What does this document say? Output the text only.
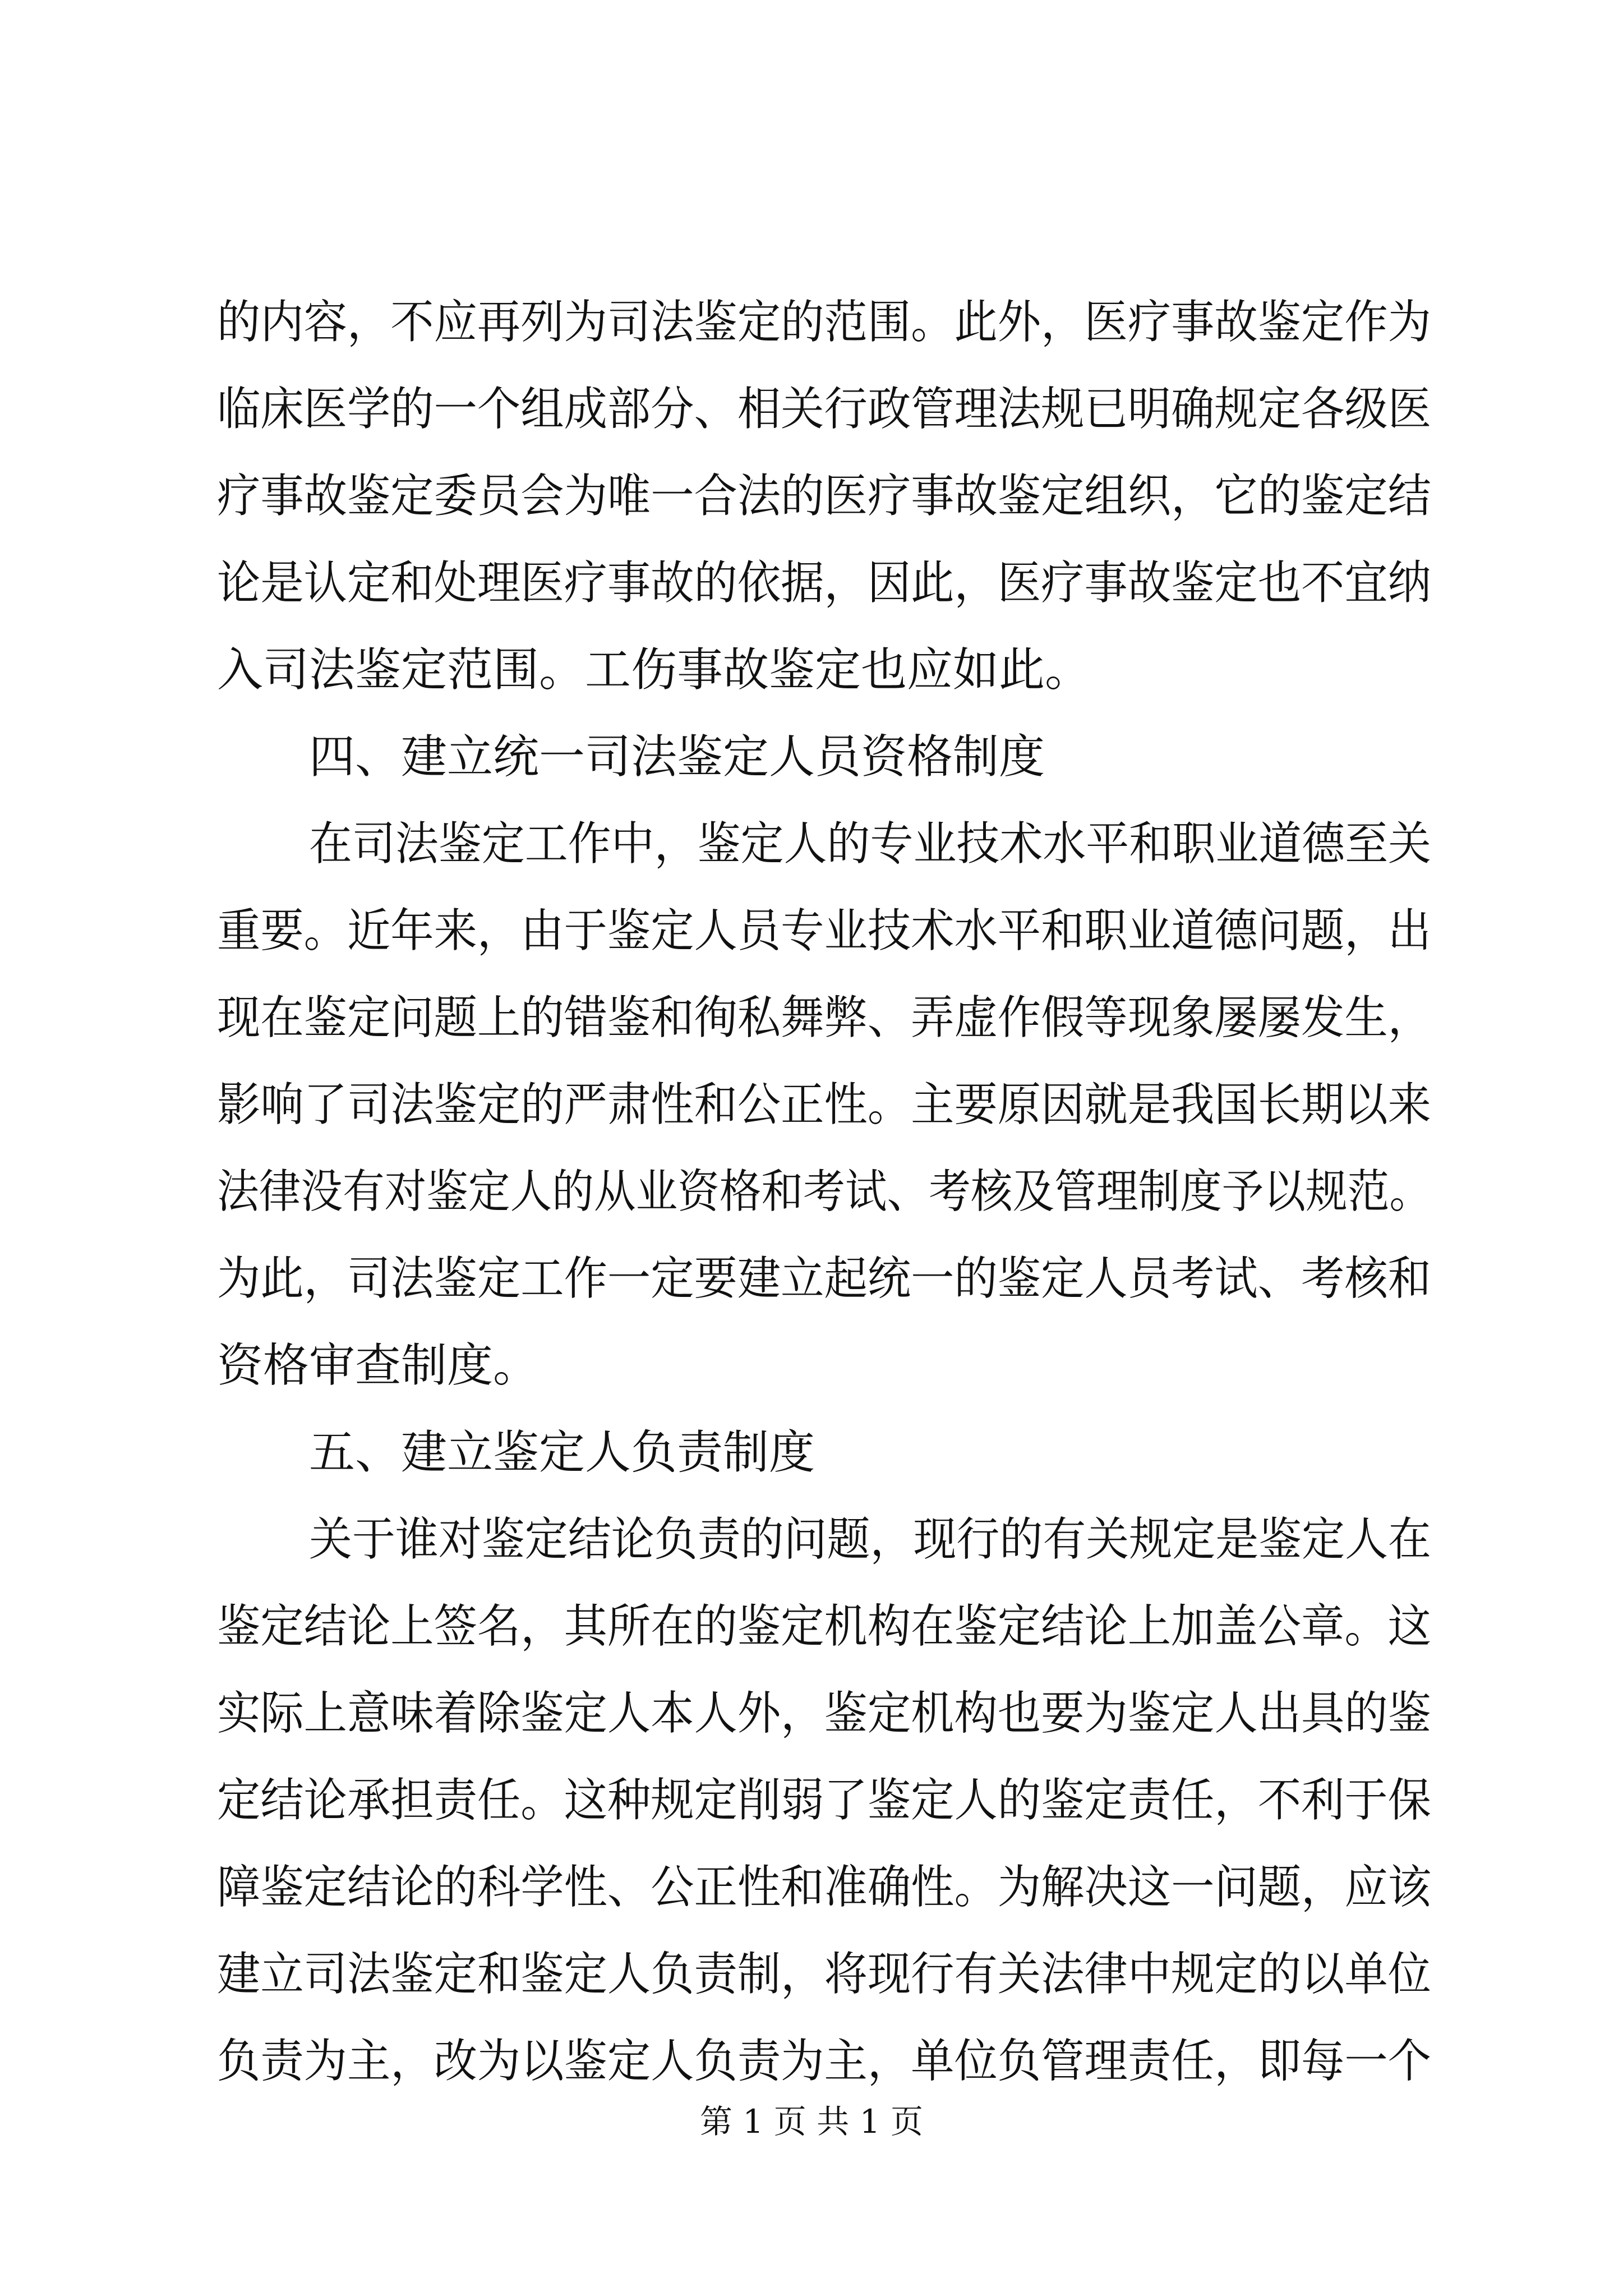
的内容，不应再列为司法鉴定的范围。此外，医疗事故鉴定作为
临床医学的一个组成部分、相关行政管理法规已明确规定各级医
疗事故鉴定委员会为唯一合法的医疗事故鉴定组织，它的鉴定结
论是认定和处理医疗事故的依据，因此，医疗事故鉴定也不宜纳
入司法鉴定范围。工伤事故鉴定也应如此。
四、建立统一司法鉴定人员资格制度
在司法鉴定工作中，鉴定人的专业技术水平和职业道德至关
重要。近年来，由于鉴定人员专业技术水平和职业道德问题，出
现在鉴定问题上的错鉴和徇私舞弊、弄虚作假等现象屡屡发生，
影响了司法鉴定的严肃性和公正性。主要原因就是我国长期以来
法律没有对鉴定人的从业资格和考试、考核及管理制度予以规范。
为此，司法鉴定工作一定要建立起统一的鉴定人员考试、考核和
资格审查制度。
五、建立鉴定人负责制度
关于谁对鉴定结论负责的问题，现行的有关规定是鉴定人在
鉴定结论上签名，其所在的鉴定机构在鉴定结论上加盖公章。这
实际上意味着除鉴定人本人外，鉴定机构也要为鉴定人出具的鉴
定结论承担责任。这种规定削弱了鉴定人的鉴定责任，不利于保
障鉴定结论的科学性、公正性和准确性。为解决这一问题，应该
建立司法鉴定和鉴定人负责制，将现行有关法律中规定的以单位
负责为主，改为以鉴定人负责为主，单位负管理责任，即每一个
第 1 页 共 1 页
